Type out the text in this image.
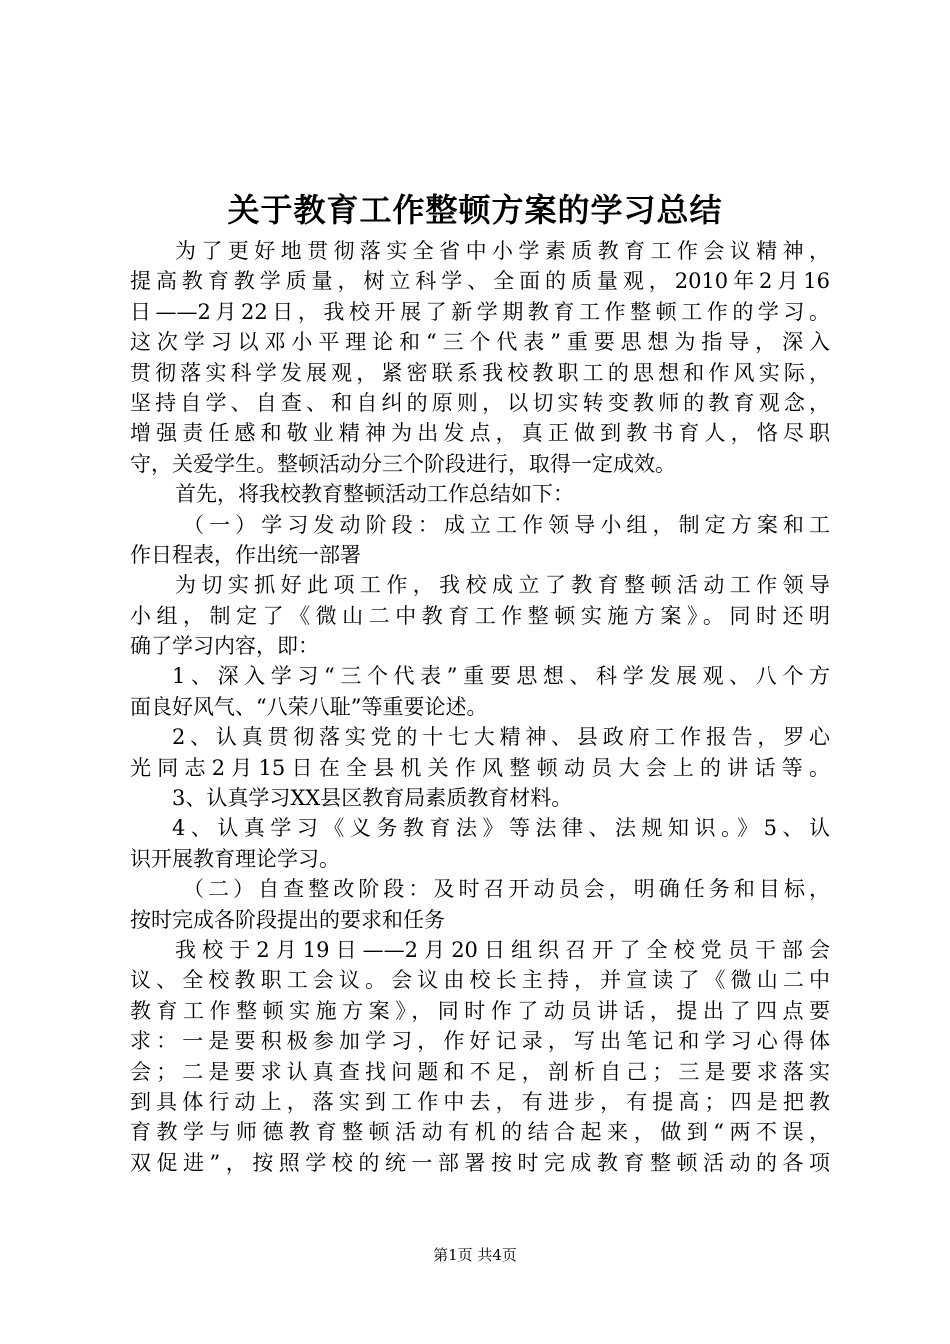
关于教育工作整顿方案的学习总结
为了更好地贯彻落实全省中小学素质教育工作会议精神，
提高教育教学质量，树立科学、全面的质量观，2010年2月16
日——2月22日，我校开展了新学期教育工作整顿工作的学习。
这次学习以邓小平理论和“三个代表”重要思想为指导，深入
贯彻落实科学发展观，紧密联系我校教职工的思想和作风实际，
坚持自学、自查、和自纠的原则，以切实转变教师的教育观念，
增强责任感和敬业精神为出发点，真正做到教书育人，恪尽职
守，关爱学生。整顿活动分三个阶段进行，取得一定成效。
首先，将我校教育整顿活动工作总结如下：
（一）学习发动阶段：成立工作领导小组，制定方案和工
作日程表，作出统一部署
为切实抓好此项工作，我校成立了教育整顿活动工作领导
小组，制定了《微山二中教育工作整顿实施方案》。同时还明
确了学习内容，即：
1、深入学习“三个代表”重要思想、科学发展观、八个方
面良好风气、“八荣八耻”等重要论述。
2、认真贯彻落实党的十七大精神、县政府工作报告，罗心
光同志2月15日在全县机关作风整顿动员大会上的讲话等。
3、认真学习XX县区教育局素质教育材料。
4、认真学习《义务教育法》等法律、法规知识。》5、认
识开展教育理论学习。
（二）自查整改阶段：及时召开动员会，明确任务和目标，
按时完成各阶段提出的要求和任务
我校于2月19日——2月20日组织召开了全校党员干部会
议、全校教职工会议。会议由校长主持，并宣读了《微山二中
教育工作整顿实施方案》，同时作了动员讲话，提出了四点要
求：一是要积极参加学习，作好记录，写出笔记和学习心得体
会；二是要求认真查找问题和不足，剖析自己；三是要求落实
到具体行动上，落实到工作中去，有进步，有提高；四是把教
育教学与师德教育整顿活动有机的结合起来，做到“两不误，
双促进”，按照学校的统一部署按时完成教育整顿活动的各项
第1页 共4页
